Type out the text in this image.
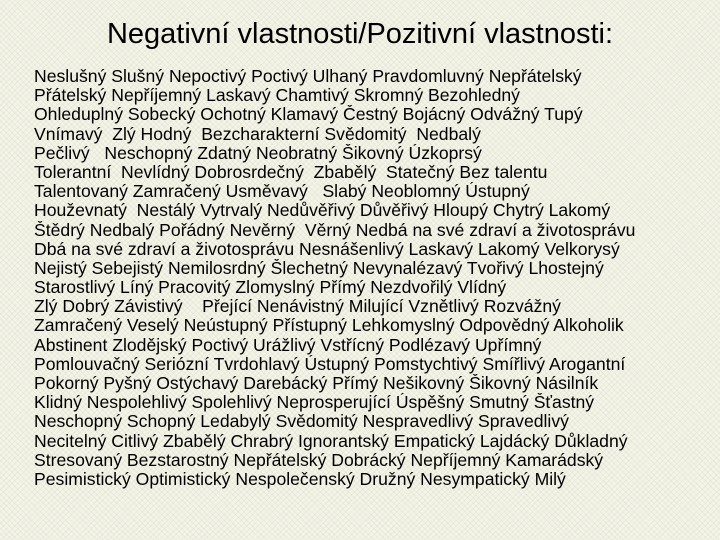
Negativní vlastnosti/Pozitivní vlastnosti:
Neslušný Slušný Nepoctivý Poctivý Ulhaný Pravdomluvný Nepřátelský
Přátelský Nepříjemný Laskavý Chamtivý Skromný Bezohledný
Ohleduplný Sobecký Ochotný Klamavý Čestný Bojácný Odvážný Tupý
Vnímavý  Zlý Hodný  Bezcharakterní Svědomitý  Nedbalý
Pečlivý   Neschopný Zdatný Neobratný Šikovný Úzkoprsý
Tolerantní  Nevlídný Dobrosrdečný  Zbabělý  Statečný Bez talentu
Talentovaný Zamračený Usměvavý   Slabý Neoblomný Ústupný
Houževnatý  Nestálý Vytrvalý Nedůvěřivý Důvěřivý Hloupý Chytrý Lakomý
Štědrý Nedbalý Pořádný Nevěrný  Věrný Nedbá na své zdraví a životosprávu
Dbá na své zdraví a životosprávu Nesnášenlivý Laskavý Lakomý Velkorysý
Nejistý Sebejistý Nemilosrdný Šlechetný Nevynalézavý Tvořivý Lhostejný
Starostlivý Líný Pracovitý Zlomyslný Přímý Nezdvořilý Vlídný
Zlý Dobrý Závistivý    Přející Nenávistný Milující Vznětlivý Rozvážný
Zamračený Veselý Neústupný Přístupný Lehkomyslný Odpovědný Alkoholik
Abstinent Zlodějský Poctivý Urážlivý Vstřícný Podlézavý Upřímný
Pomlouvačný Seriózní Tvrdohlavý Ústupný Pomstychtivý Smířlivý Arogantní
Pokorný Pyšný Ostýchavý Darebácký Přímý Nešikovný Šikovný Násilník
Klidný Nespolehlivý Spolehlivý Neprosperující Úspěšný Smutný Šťastný
Neschopný Schopný Ledabylý Svědomitý Nespravedlivý Spravedlivý
Necitelný Citlivý Zbabělý Chrabrý Ignorantský Empatický Lajdácký Důkladný
Stresovaný Bezstarostný Nepřátelský Dobrácký Nepříjemný Kamarádský
Pesimistický Optimistický Nespolečenský Družný Nesympatický Milý
